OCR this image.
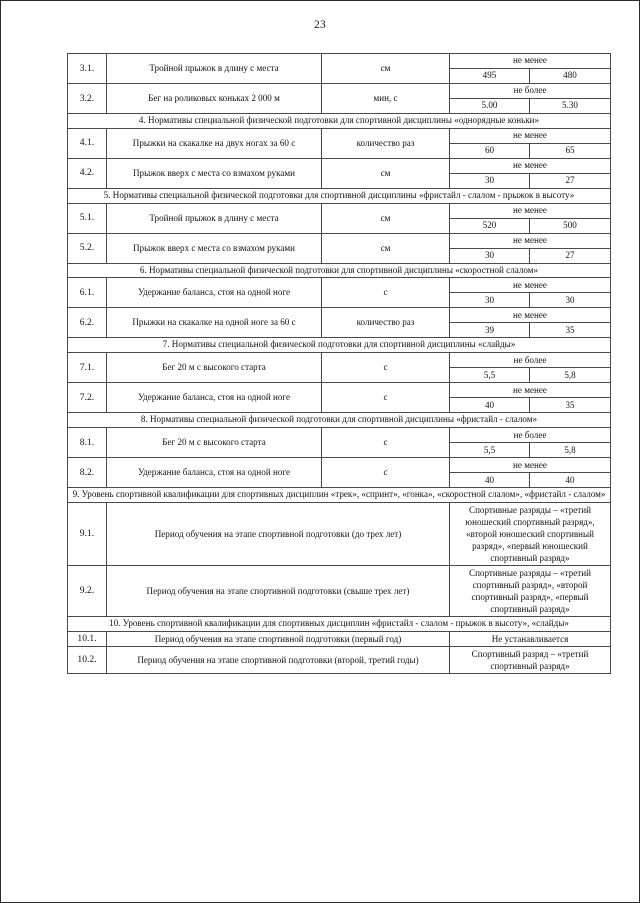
23
3.1.	Тройной прыжок в длину с места	см	не менее	
			495	480
3.2.	Бег на роликовых коньках 2 000 м	мин, с	не более	
			5.00	5.30
4. Нормативы специальной физической подготовки для спортивной дисциплины «однорядные коньки»				
4.1.	Прыжки на скакалке на двух ногах за 60 с	количество раз	не менее	
			60	65
4.2.	Прыжок вверх с места со взмахом руками	см	не менее	
			30	27
5. Нормативы специальной физической подготовки для спортивной дисциплины «фристайл - слалом - прыжок в высоту»				
5.1.	Тройной прыжок в длину с места	см	не менее	
			520	500
5.2.	Прыжок вверх с места со взмахом руками	см	не менее	
			30	27
6. Нормативы специальной физической подготовки для спортивной дисциплины «скоростной слалом»				
6.1.	Удержание баланса, стоя на одной ноге	с	не менее	
			30	30
6.2.	Прыжки на скакалке на одной ноге за 60 с	количество раз	не менее	
			39	35
7. Нормативы специальной физической подготовки для спортивной дисциплины «слайды»				
7.1.	Бег 20 м с высокого старта	с	не более	
			5,5	5,8
7.2.	Удержание баланса, стоя на одной ноге	с	не менее	
			40	35
8. Нормативы специальной физической подготовки для спортивной дисциплины «фристайл - слалом»				
8.1.	Бег 20 м с высокого старта	с	не более	
			5,5	5,8
8.2.	Удержание баланса, стоя на одной ноге	с	не менее	
			40	40
9. Уровень спортивной квалификации для спортивных дисциплин «трек», «спринт», «гонка», «скоростной слалом», «фристайл - слалом»				
9.1.	Период обучения на этапе спортивной подготовки (до трех лет)		Спортивные разряды – «третий юношеский спортивный разряд», «второй юношеский спортивный разряд», «первый юношеский спортивный разряд»	
9.2.	Период обучения на этапе спортивной подготовки (свыше трех лет)		Спортивные разряды – «третий спортивный разряд», «второй спортивный разряд», «первый спортивный разряд»	
10. Уровень спортивной квалификации для спортивных дисциплин «фристайл - слалом - прыжок в высоту», «слайды»				
10.1.	Период обучения на этапе спортивной подготовки (первый год)		Не устанавливается	
10.2.	Период обучения на этапе спортивной подготовки (второй, третий годы)		Спортивный разряд – «третий спортивный разряд»	
